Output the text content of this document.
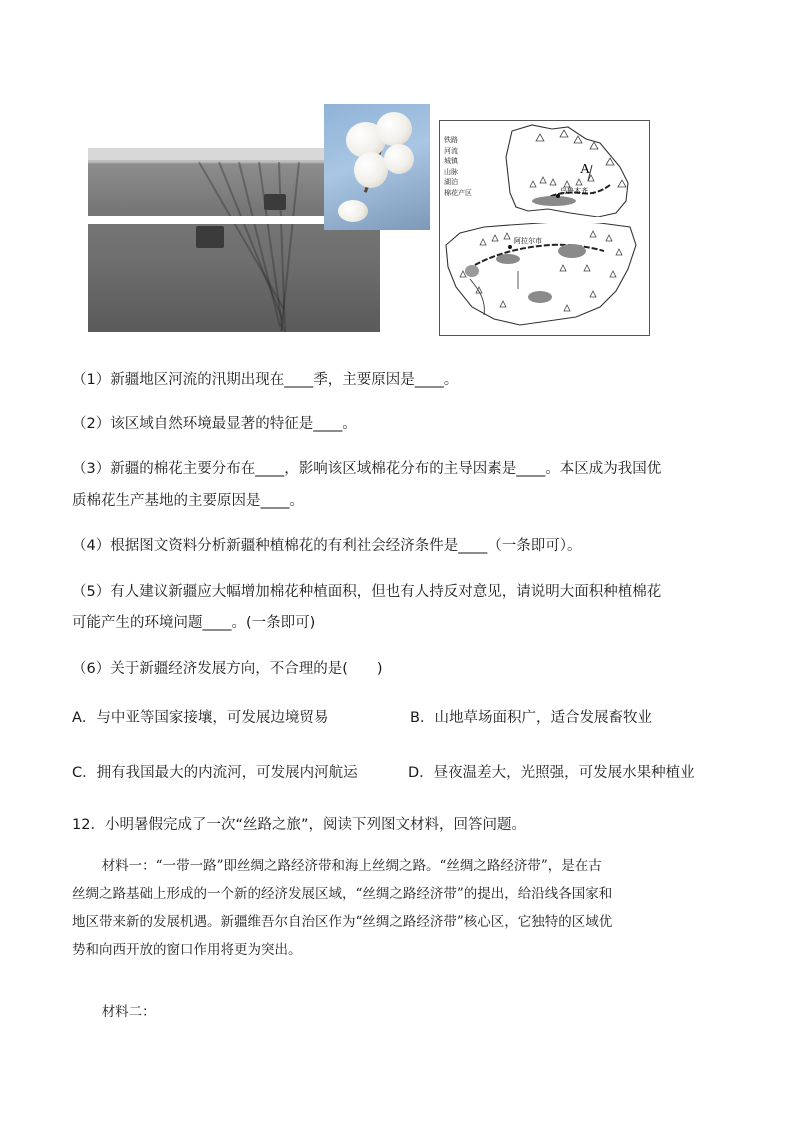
A
乌鲁木齐
阿拉尔市
铁路
河流
城镇
山脉
湖泊
棉花产区
（1）新疆地区河流的汛期出现在____季，主要原因是____。
（2）该区域自然环境最显著的特征是____。
（3）新疆的棉花主要分布在____，影响该区域棉花分布的主导因素是____。本区成为我国优
质棉花生产基地的主要原因是____。
（4）根据图文资料分析新疆种植棉花的有利社会经济条件是____（一条即可）。
（5）有人建议新疆应大幅增加棉花种植面积，但也有人持反对意见，请说明大面积种植棉花
可能产生的环境问题____。(一条即可)
（6）关于新疆经济发展方向，不合理的是(　　)
A．与中亚等国家接壤，可发展边境贸易	B．山地草场面积广，适合发展畜牧业
C．拥有我国最大的内流河，可发展内河航运	D．昼夜温差大，光照强，可发展水果种植业
12．小明暑假完成了一次“丝路之旅”，阅读下列图文材料，回答问题。
材料一：“一带一路”即丝绸之路经济带和海上丝绸之路。“丝绸之路经济带”，是在古
丝绸之路基础上形成的一个新的经济发展区域，“丝绸之路经济带”的提出，给沿线各国家和
地区带来新的发展机遇。新疆维吾尔自治区作为“丝绸之路经济带”核心区，它独特的区域优
势和向西开放的窗口作用将更为突出。
材料二：
